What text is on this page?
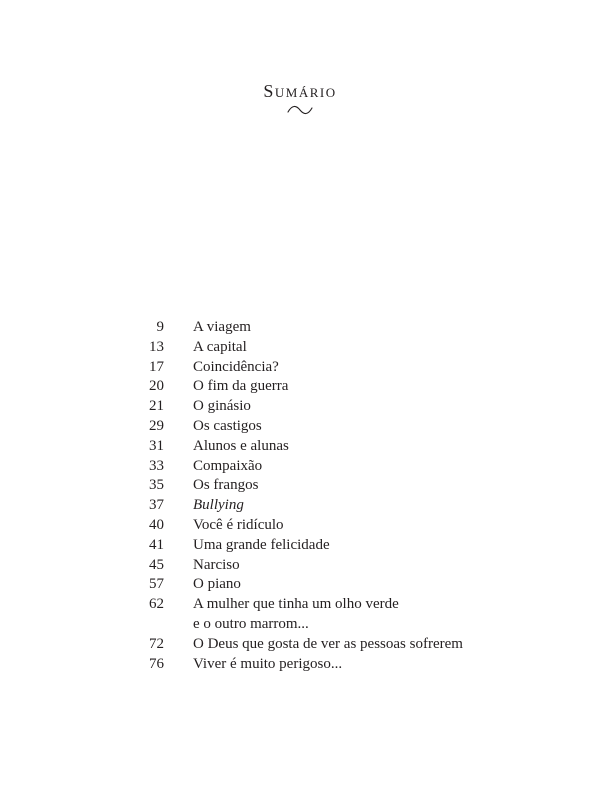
Sumário
9 A viagem
13 A capital
17 Coincidência?
20 O fim da guerra
21 O ginásio
29 Os castigos
31 Alunos e alunas
33 Compaixão
35 Os frangos
37 Bullying
40 Você é ridículo
41 Uma grande felicidade
45 Narciso
57 O piano
62 A mulher que tinha um olho verde
e o outro marrom...
72 O Deus que gosta de ver as pessoas sofrerem
76 Viver é muito perigoso...
